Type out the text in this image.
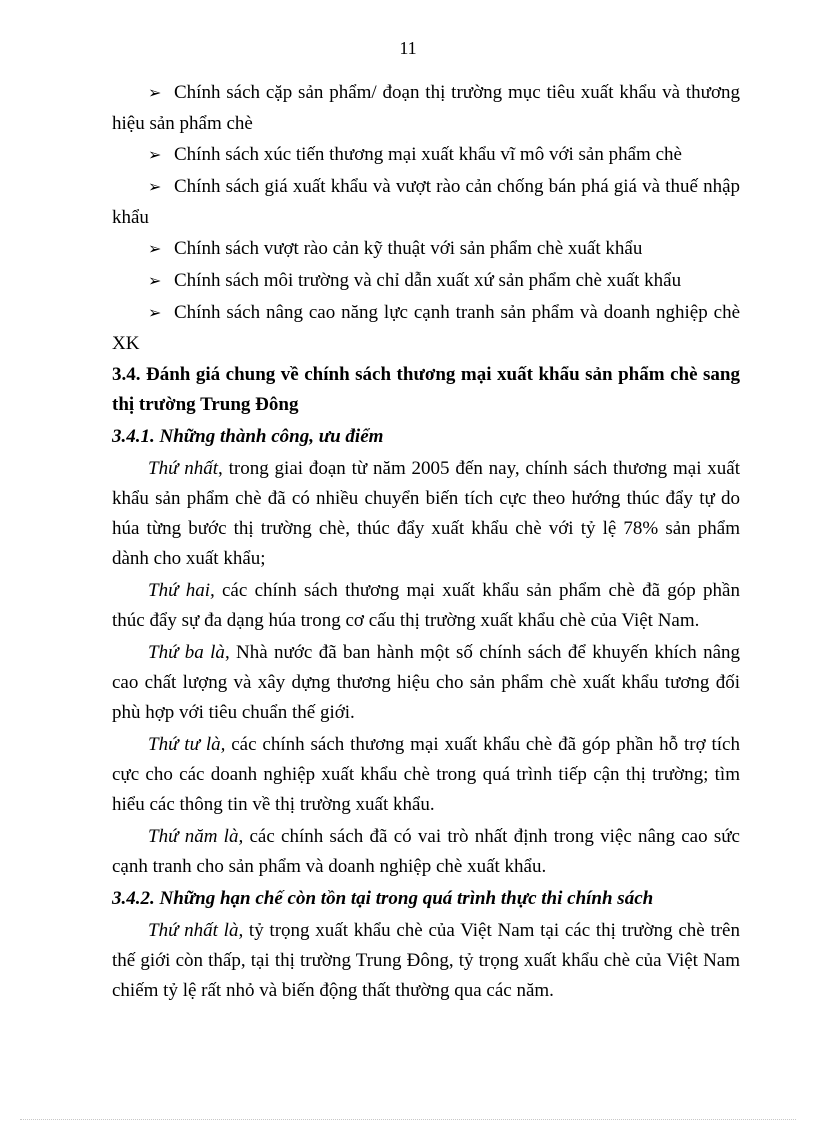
11

➢ Chính sách cặp sản phẩm/ đoạn thị trường mục tiêu xuất khẩu và thương hiệu sản phẩm chè

➢ Chính sách xúc tiến thương mại xuất khẩu vĩ mô với sản phẩm chè

➢ Chính sách giá xuất khẩu và vượt rào cản chống bán phá giá và thuế nhập khẩu

➢ Chính sách vượt rào cản kỹ thuật với sản phẩm chè xuất khẩu

➢ Chính sách môi trường và chỉ dẫn xuất xứ sản phẩm chè xuất khẩu

➢ Chính sách nâng cao năng lực cạnh tranh sản phẩm và doanh nghiệp chè XK

3.4. Đánh giá chung về chính sách thương mại xuất khẩu sản phẩm chè sang thị trường Trung Đông

3.4.1. Những thành công, ưu điểm

Thứ nhất, trong giai đoạn từ năm 2005 đến nay, chính sách thương mại xuất khẩu sản phẩm chè đã có nhiều chuyển biến tích cực theo hướng thúc đẩy tự do húa từng bước thị trường chè, thúc đẩy xuất khẩu chè với tỷ lệ 78% sản phẩm dành cho xuất khẩu;

Thứ hai, các chính sách thương mại xuất khẩu sản phẩm chè đã góp phần thúc đẩy sự đa dạng húa trong cơ cấu thị trường xuất khẩu chè của Việt Nam.

Thứ ba là, Nhà nước đã ban hành một số chính sách để khuyến khích nâng cao chất lượng và xây dựng thương hiệu cho sản phẩm chè xuất khẩu tương đối phù hợp với tiêu chuẩn thế giới.

Thứ tư là, các chính sách thương mại xuất khẩu chè đã góp phần hỗ trợ tích cực cho các doanh nghiệp xuất khẩu chè trong quá trình tiếp cận thị trường; tìm hiểu các thông tin về thị trường xuất khẩu.

Thứ năm là, các chính sách đã có vai trò nhất định trong việc nâng cao sức cạnh tranh cho sản phẩm và doanh nghiệp chè xuất khẩu.

3.4.2. Những hạn chế còn tồn tại trong quá trình thực thi chính sách

Thứ nhất là, tỷ trọng xuất khẩu chè của Việt Nam tại các thị trường chè trên thế giới còn thấp, tại thị trường Trung Đông, tỷ trọng xuất khẩu chè của Việt Nam chiếm tỷ lệ rất nhỏ và biến động thất thường qua các năm.
